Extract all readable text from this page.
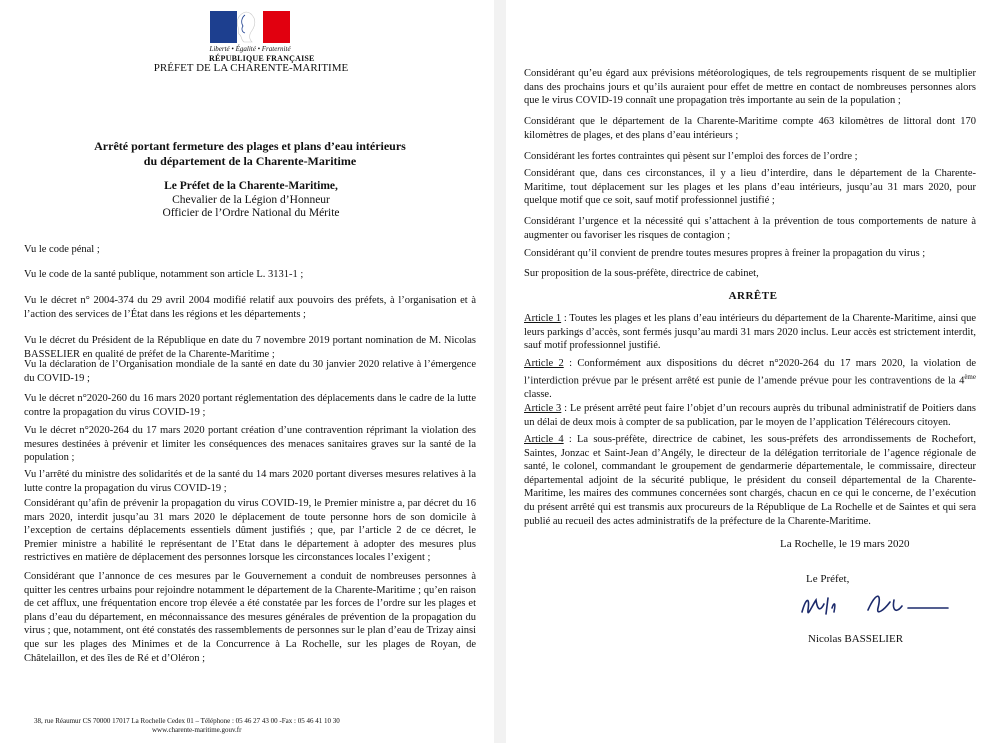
Liberté • Égalité • Fraternité
RÉPUBLIQUE FRANÇAISE
PRÉFET DE LA CHARENTE-MARITIME
Arrêté portant fermeture des plages et plans d’eau intérieurs
du département de la Charente-Maritime
Le Préfet de la Charente-Maritime,
Chevalier de la Légion d’Honneur
Officier de l’Ordre National du Mérite

Vu le code pénal ;

Vu le code de la santé publique, notamment son article L. 3131-1 ;

Vu le décret n° 2004-374 du 29 avril 2004 modifié relatif aux pouvoirs des préfets, à l’organisation et à l’action des services de l’État dans les régions et les départements ;

Vu le décret du Président de la République en date du 7 novembre 2019 portant nomination de M. Nicolas BASSELIER en qualité de préfet de la Charente-Maritime ;

Vu la déclaration de l’Organisation mondiale de la santé en date du 30 janvier 2020 relative à l’émergence du COVID-19 ;

Vu le décret n°2020-260 du 16 mars 2020 portant réglementation des déplacements dans le cadre de la lutte contre la propagation du virus COVID-19 ;

Vu le décret n°2020-264 du 17 mars 2020 portant création d’une contravention réprimant la violation des mesures destinées à prévenir et limiter les conséquences des menaces sanitaires graves sur la santé de la population ;

Vu l’arrêté du ministre des solidarités et de la santé du 14 mars 2020 portant diverses mesures relatives à la lutte contre la propagation du virus COVID-19 ;

Considérant qu’afin de prévenir la propagation du virus COVID-19, le Premier ministre a, par décret du 16 mars 2020, interdit jusqu’au 31 mars 2020 le déplacement de toute personne hors de son domicile à l’exception de certains déplacements essentiels dûment justifiés ; que, par l’article 2 de ce décret, le Premier ministre a habilité le représentant de l’Etat dans le département à adopter des mesures plus restrictives en matière de déplacement des personnes lorsque les circonstances locales l’exigent ;

Considérant que l’annonce de ces mesures par le Gouvernement a conduit de nombreuses personnes à quitter les centres urbains pour rejoindre notamment le département de la Charente-Maritime ; qu’en raison de cet afflux, une fréquentation encore trop élevée a été constatée par les forces de l’ordre sur les plages et plans d’eau du département, en méconnaissance des mesures générales de prévention de la propagation du virus ; que, notamment, ont été constatés des rassemblements de personnes sur le plan d’eau de Trizay ainsi que sur les plages des Minimes et de la Concurrence à La Rochelle, sur les plages de Royan, de Châtelaillon, et des îles de Ré et d’Oléron ;

38, rue Réaumur CS 70000 17017 La Rochelle Cedex 01 – Téléphone : 05 46 27 43 00 -Fax : 05 46 41 10 30
www.charente-maritime.gouv.fr

Considérant qu’eu égard aux prévisions météorologiques, de tels regroupements risquent de se multiplier dans des prochains jours et qu’ils auraient pour effet de mettre en contact de nombreuses personnes alors que le virus COVID-19 connaît une propagation très importante au sein de la population ;

Considérant que le département de la Charente-Maritime compte 463 kilomètres de littoral dont 170 kilomètres de plages, et des plans d’eau intérieurs ;

Considérant les fortes contraintes qui pèsent sur l’emploi des forces de l’ordre ;

Considérant que, dans ces circonstances, il y a lieu d’interdire, dans le département de la Charente-Maritime, tout déplacement sur les plages et les plans d’eau intérieurs, jusqu’au 31 mars 2020, pour quelque motif que ce soit, sauf motif professionnel justifié ;

Considérant l’urgence et la nécessité qui s’attachent à la prévention de tous comportements de nature à augmenter ou favoriser les risques de contagion ;

Considérant qu’il convient de prendre toutes mesures propres à freiner la propagation du virus ;

Sur proposition de la sous-préfète, directrice de cabinet,

ARRÊTE

Article 1 : Toutes les plages et les plans d’eau intérieurs du département de la Charente-Maritime, ainsi que leurs parkings d’accès, sont fermés jusqu’au mardi 31 mars 2020 inclus. Leur accès est strictement interdit, sauf motif professionnel justifié.

Article 2 : Conformément aux dispositions du décret n°2020-264 du 17 mars 2020, la violation de l’interdiction prévue par le présent arrêté est punie de l’amende prévue pour les contraventions de la 4ème classe.

Article 3 : Le présent arrêté peut faire l’objet d’un recours auprès du tribunal administratif de Poitiers dans un délai de deux mois à compter de sa publication, par le moyen de l’application Télérecours citoyen.

Article 4 : La sous-préfète, directrice de cabinet, les sous-préfets des arrondissements de Rochefort, Saintes, Jonzac et Saint-Jean d’Angély, le directeur de la délégation territoriale de l’agence régionale de santé, le colonel, commandant le groupement de gendarmerie départementale, le commissaire, directeur départemental adjoint de la sécurité publique, le président du conseil départemental de la Charente-Maritime, les maires des communes concernées sont chargés, chacun en ce qui le concerne, de l’exécution du présent arrêté qui est transmis aux procureurs de la République de La Rochelle et de Saintes et qui sera publié au recueil des actes administratifs de la préfecture de la Charente-Maritime.

La Rochelle, le 19 mars 2020
Le Préfet,
Nicolas BASSELIER
